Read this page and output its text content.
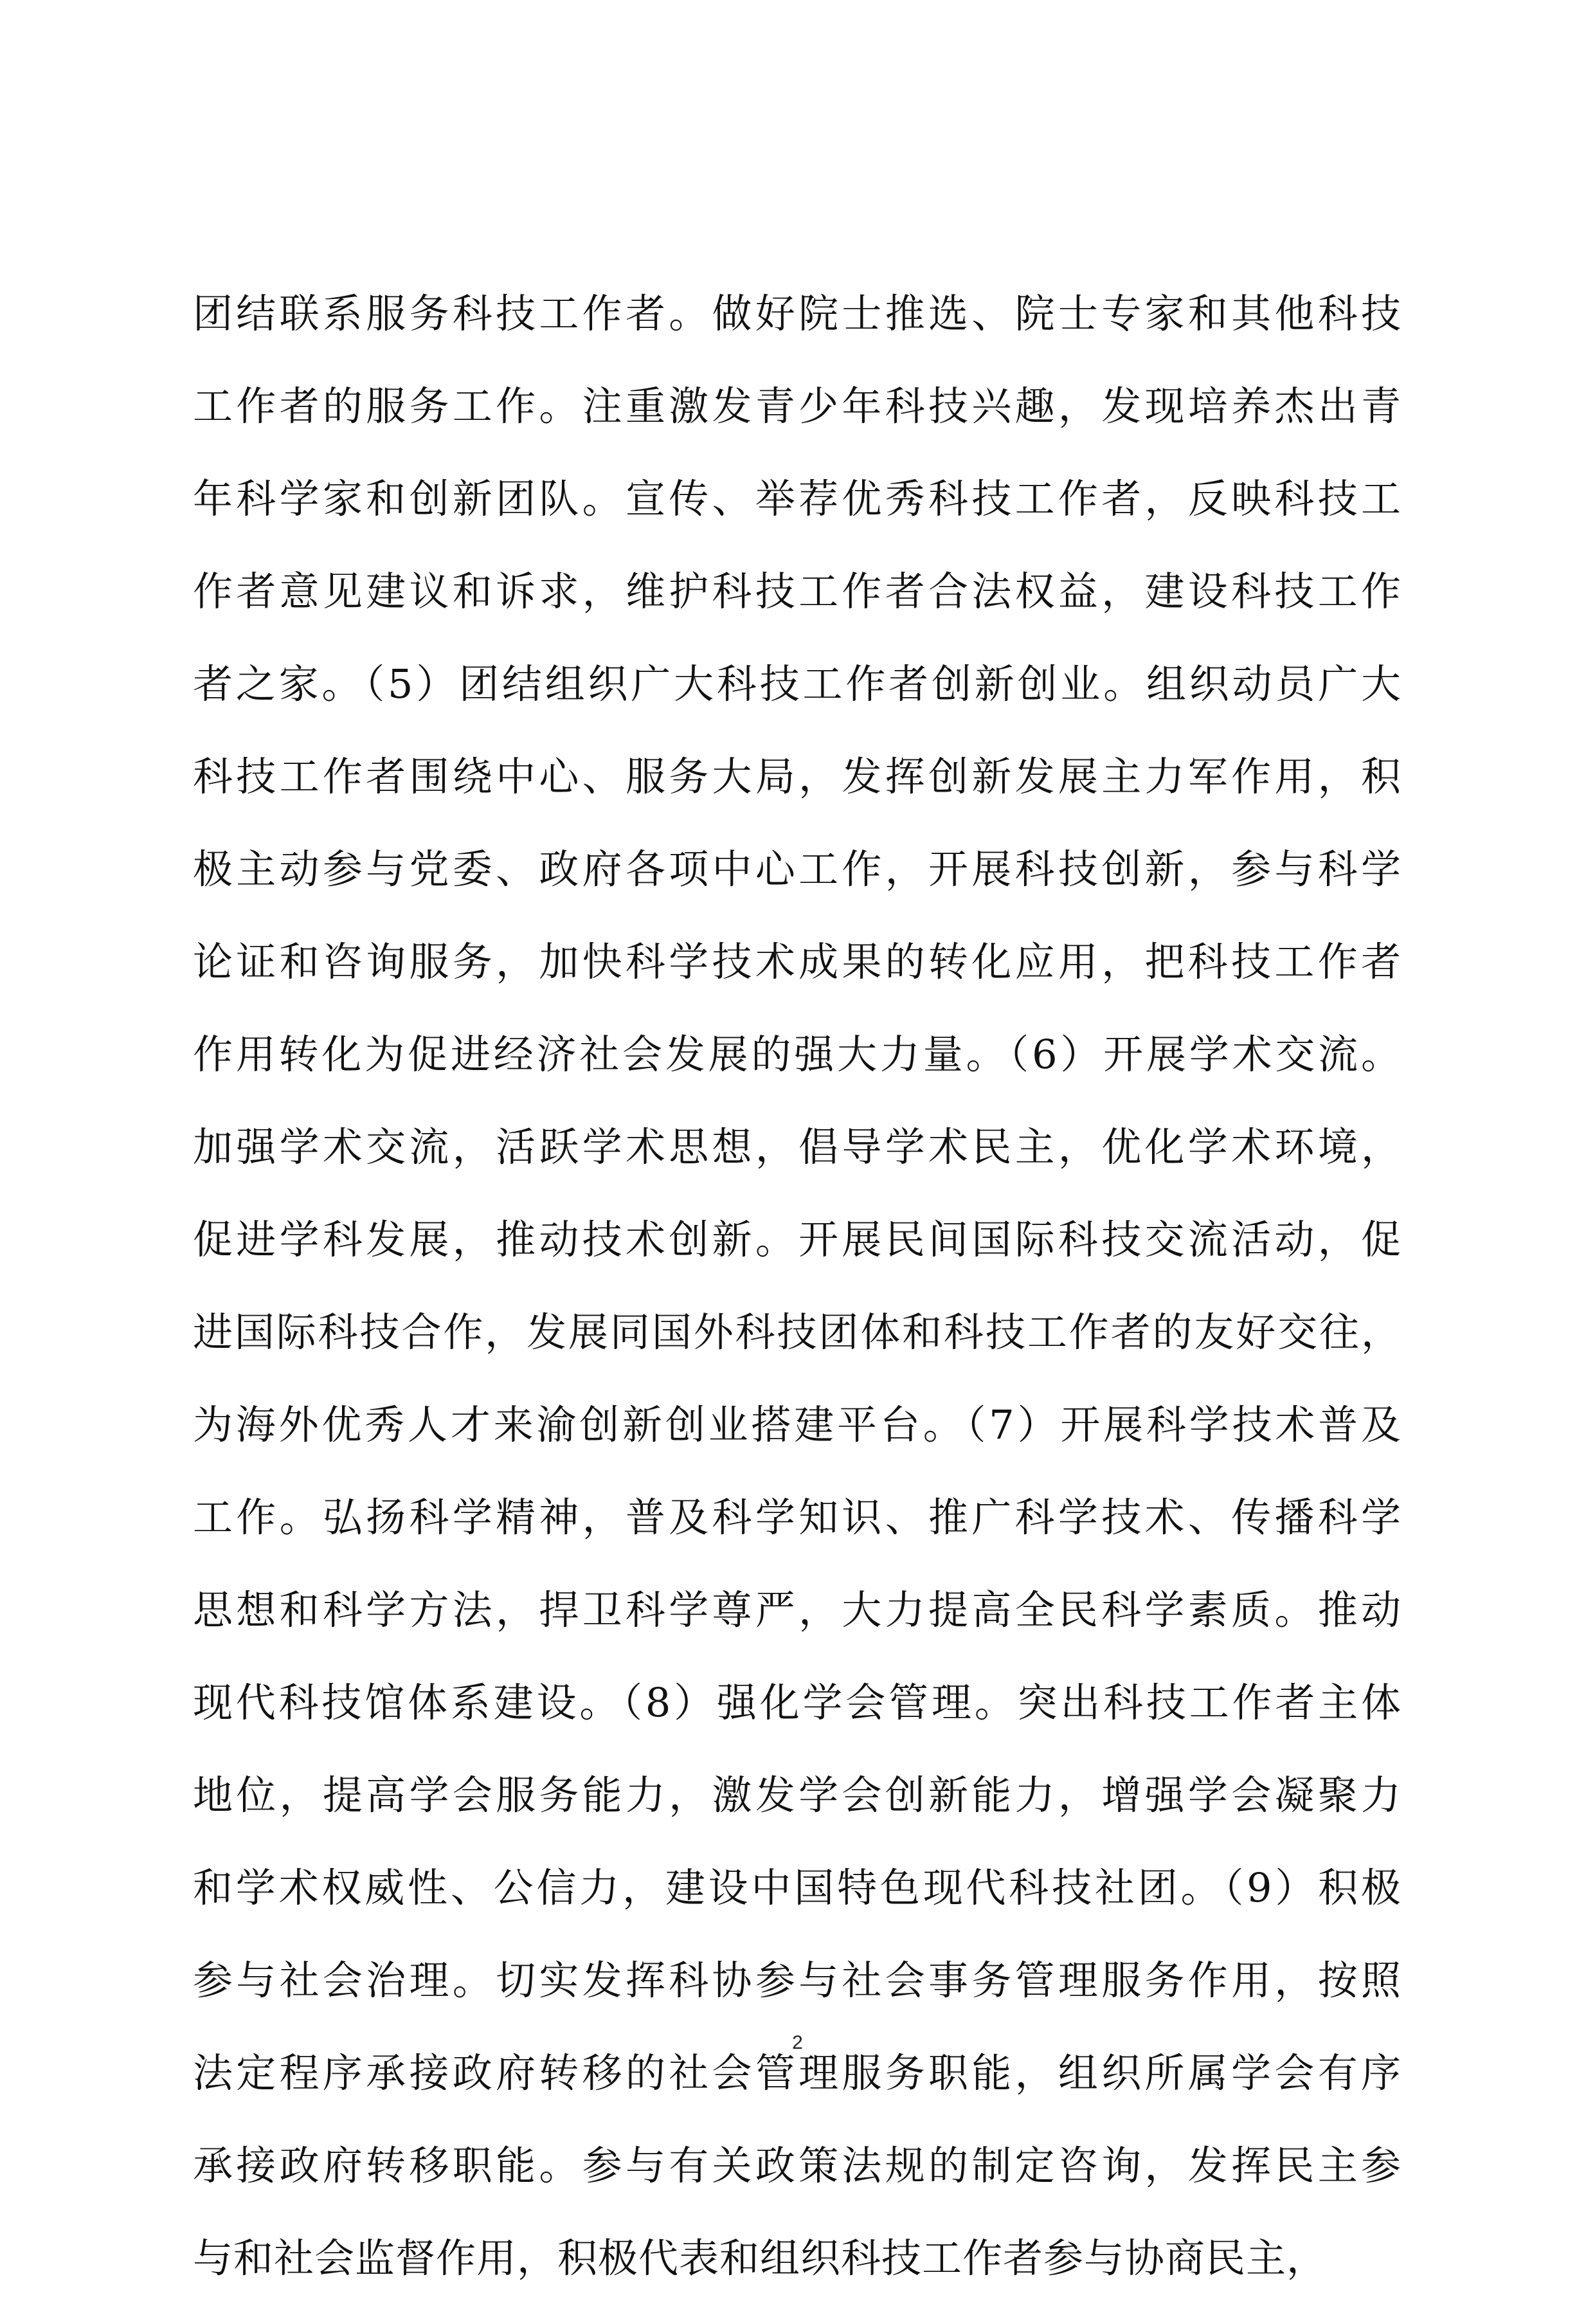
团结联系服务科技工作者。做好院士推选、院士专家和其他科技
工作者的服务工作。注重激发青少年科技兴趣，发现培养杰出青
年科学家和创新团队。宣传、举荐优秀科技工作者，反映科技工
作者意见建议和诉求，维护科技工作者合法权益，建设科技工作
者之家。（5）团结组织广大科技工作者创新创业。组织动员广大
科技工作者围绕中心、服务大局，发挥创新发展主力军作用，积
极主动参与党委、政府各项中心工作，开展科技创新，参与科学
论证和咨询服务，加快科学技术成果的转化应用，把科技工作者
作用转化为促进经济社会发展的强大力量。（6）开展学术交流。
加强学术交流，活跃学术思想，倡导学术民主，优化学术环境，
促进学科发展，推动技术创新。开展民间国际科技交流活动，促
进国际科技合作，发展同国外科技团体和科技工作者的友好交往，
为海外优秀人才来渝创新创业搭建平台。（7）开展科学技术普及
工作。弘扬科学精神，普及科学知识、推广科学技术、传播科学
思想和科学方法，捍卫科学尊严，大力提高全民科学素质。推动
现代科技馆体系建设。（8）强化学会管理。突出科技工作者主体
地位，提高学会服务能力，激发学会创新能力，增强学会凝聚力
和学术权威性、公信力，建设中国特色现代科技社团。（9）积极
参与社会治理。切实发挥科协参与社会事务管理服务作用，按照
法定程序承接政府转移的社会管理服务职能，组织所属学会有序
承接政府转移职能。参与有关政策法规的制定咨询，发挥民主参
与和社会监督作用，积极代表和组织科技工作者参与协商民主，
2
